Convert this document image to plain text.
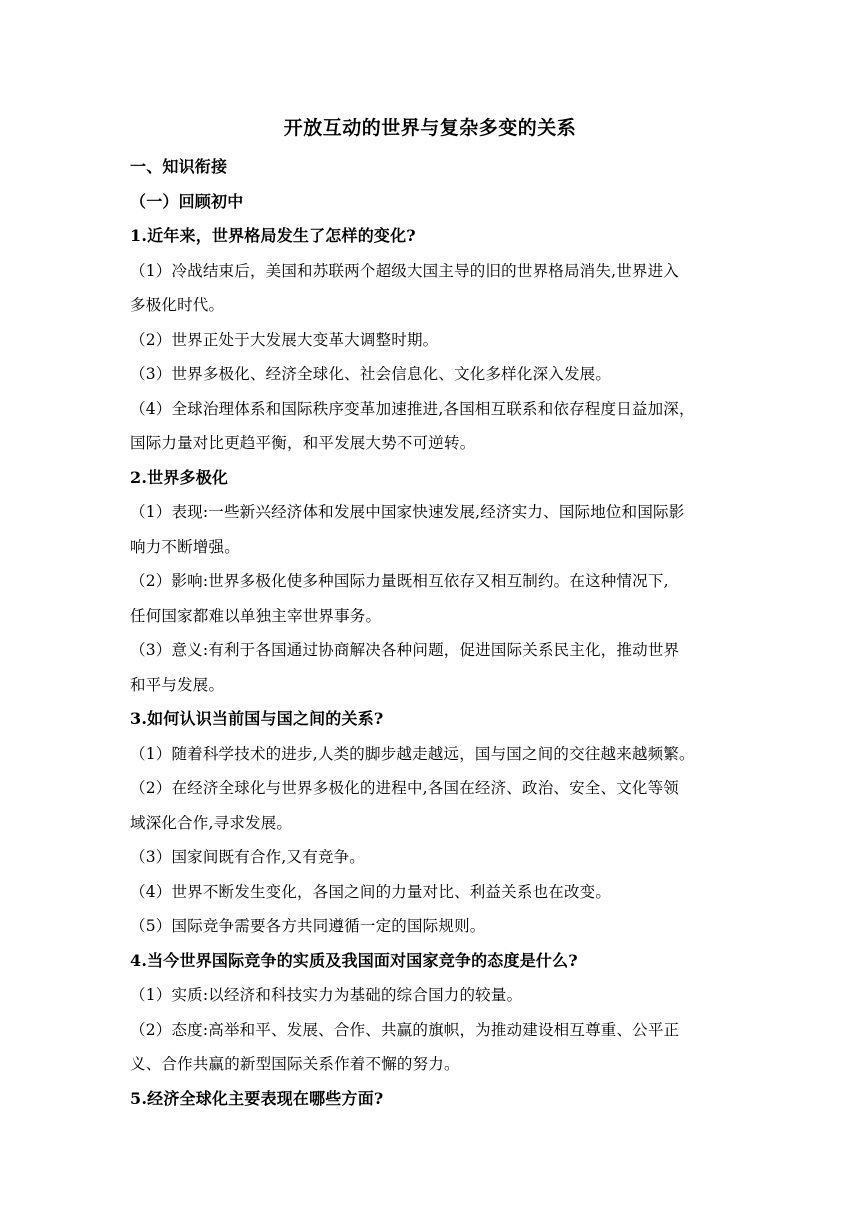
开放互动的世界与复杂多变的关系
一、知识衔接
（一）回顾初中
1.近年来，世界格局发生了怎样的变化?
（1）冷战结束后，美国和苏联两个超级大国主导的旧的世界格局消失,世界进入
多极化时代。
（2）世界正处于大发展大变革大调整时期。
（3）世界多极化、经济全球化、社会信息化、文化多样化深入发展。
（4）全球治理体系和国际秩序变革加速推进,各国相互联系和依存程度日益加深，
国际力量对比更趋平衡，和平发展大势不可逆转。
2.世界多极化
（1）表现:一些新兴经济体和发展中国家快速发展,经济实力、国际地位和国际影
响力不断增强。
（2）影响:世界多极化使多种国际力量既相互依存又相互制约。在这种情况下,
任何国家都难以单独主宰世界事务。
（3）意义:有利于各国通过协商解决各种问题，促进国际关系民主化，推动世界
和平与发展。
3.如何认识当前国与国之间的关系?
（1）随着科学技术的进步,人类的脚步越走越远，国与国之间的交往越来越频繁。
（2）在经济全球化与世界多极化的进程中,各国在经济、政治、安全、文化等领
域深化合作,寻求发展。
（3）国家间既有合作,又有竞争。
（4）世界不断发生变化，各国之间的力量对比、利益关系也在改变。
（5）国际竞争需要各方共同遵循一定的国际规则。
4.当今世界国际竞争的实质及我国面对国家竞争的态度是什么?
（1）实质:以经济和科技实力为基础的综合国力的较量。
（2）态度:高举和平、发展、合作、共赢的旗帜，为推动建设相互尊重、公平正
义、合作共赢的新型国际关系作着不懈的努力。
5.经济全球化主要表现在哪些方面?
